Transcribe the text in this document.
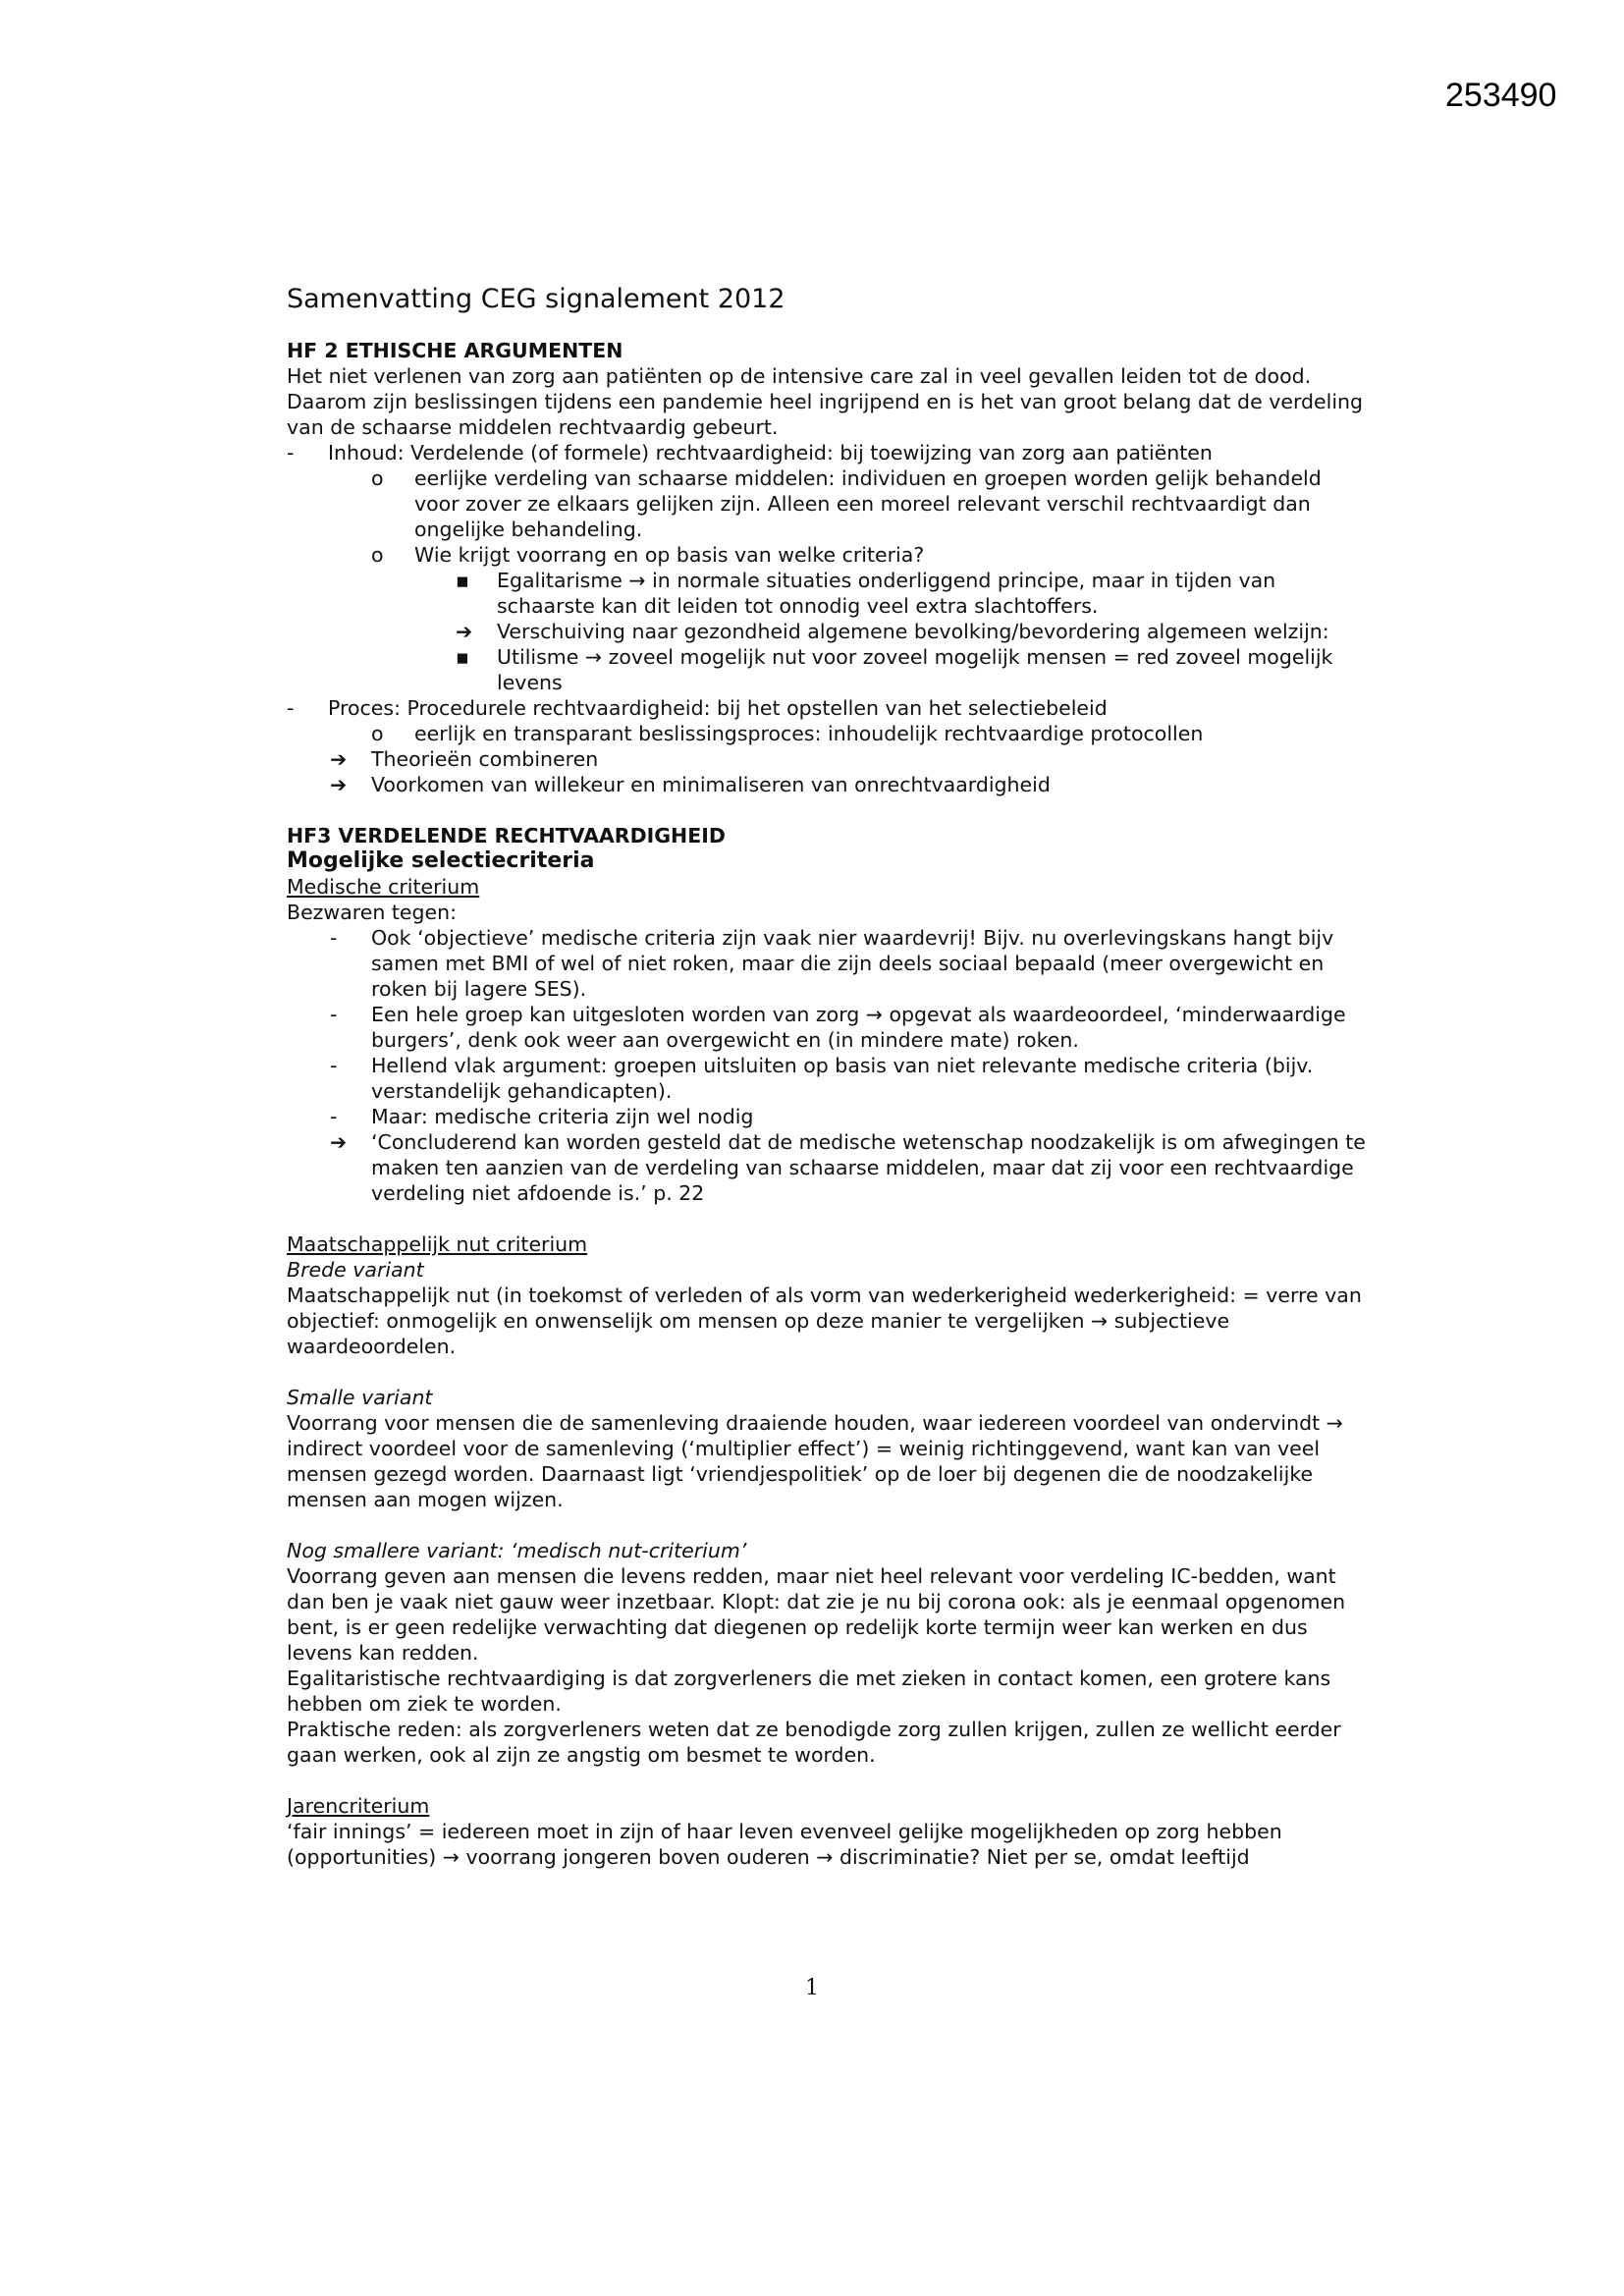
253490

Samenvatting CEG signalement 2012

HF 2 ETHISCHE ARGUMENTEN

Het niet verlenen van zorg aan patiënten op de intensive care zal in veel gevallen leiden tot de dood. Daarom zijn beslissingen tijdens een pandemie heel ingrijpend en is het van groot belang dat de verdeling van de schaarse middelen rechtvaardig gebeurt.

- Inhoud: Verdelende (of formele) rechtvaardigheid: bij toewijzing van zorg aan patiënten
o eerlijke verdeling van schaarse middelen: individuen en groepen worden gelijk behandeld voor zover ze elkaars gelijken zijn. Alleen een moreel relevant verschil rechtvaardigt dan ongelijke behandeling.
o Wie krijgt voorrang en op basis van welke criteria?
▪ Egalitarisme → in normale situaties onderliggend principe, maar in tijden van schaarste kan dit leiden tot onnodig veel extra slachtoffers.
➔ Verschuiving naar gezondheid algemene bevolking/bevordering algemeen welzijn:
▪ Utilisme → zoveel mogelijk nut voor zoveel mogelijk mensen = red zoveel mogelijk levens
- Proces: Procedurele rechtvaardigheid: bij het opstellen van het selectiebeleid
o eerlijk en transparant beslissingsproces: inhoudelijk rechtvaardige protocollen
➔ Theorieën combineren
➔ Voorkomen van willekeur en minimaliseren van onrechtvaardigheid

HF3 VERDELENDE RECHTVAARDIGHEID

Mogelijke selectiecriteria

Medische criterium

Bezwaren tegen:

- Ook ‘objectieve’ medische criteria zijn vaak nier waardevrij! Bijv. nu overlevingskans hangt bijv samen met BMI of wel of niet roken, maar die zijn deels sociaal bepaald (meer overgewicht en roken bij lagere SES).
- Een hele groep kan uitgesloten worden van zorg → opgevat als waardeoordeel, ‘minderwaardige burgers’, denk ook weer aan overgewicht en (in mindere mate) roken.
- Hellend vlak argument: groepen uitsluiten op basis van niet relevante medische criteria (bijv. verstandelijk gehandicapten).
- Maar: medische criteria zijn wel nodig
➔ ‘Concluderend kan worden gesteld dat de medische wetenschap noodzakelijk is om afwegingen te maken ten aanzien van de verdeling van schaarse middelen, maar dat zij voor een rechtvaardige verdeling niet afdoende is.’ p. 22

Maatschappelijk nut criterium

Brede variant

Maatschappelijk nut (in toekomst of verleden of als vorm van wederkerigheid wederkerigheid: = verre van objectief: onmogelijk en onwenselijk om mensen op deze manier te vergelijken → subjectieve waardeoordelen.

Smalle variant

Voorrang voor mensen die de samenleving draaiende houden, waar iedereen voordeel van ondervindt → indirect voordeel voor de samenleving (‘multiplier effect’) = weinig richtinggevend, want kan van veel mensen gezegd worden. Daarnaast ligt ‘vriendjespolitiek’ op de loer bij degenen die de noodzakelijke mensen aan mogen wijzen.

Nog smallere variant: ‘medisch nut-criterium’

Voorrang geven aan mensen die levens redden, maar niet heel relevant voor verdeling IC-bedden, want dan ben je vaak niet gauw weer inzetbaar. Klopt: dat zie je nu bij corona ook: als je eenmaal opgenomen bent, is er geen redelijke verwachting dat diegenen op redelijk korte termijn weer kan werken en dus levens kan redden.

Egalitaristische rechtvaardiging is dat zorgverleners die met zieken in contact komen, een grotere kans hebben om ziek te worden.

Praktische reden: als zorgverleners weten dat ze benodigde zorg zullen krijgen, zullen ze wellicht eerder gaan werken, ook al zijn ze angstig om besmet te worden.

Jarencriterium

‘fair innings’ = iedereen moet in zijn of haar leven evenveel gelijke mogelijkheden op zorg hebben (opportunities) → voorrang jongeren boven ouderen → discriminatie? Niet per se, omdat leeftijd

1
